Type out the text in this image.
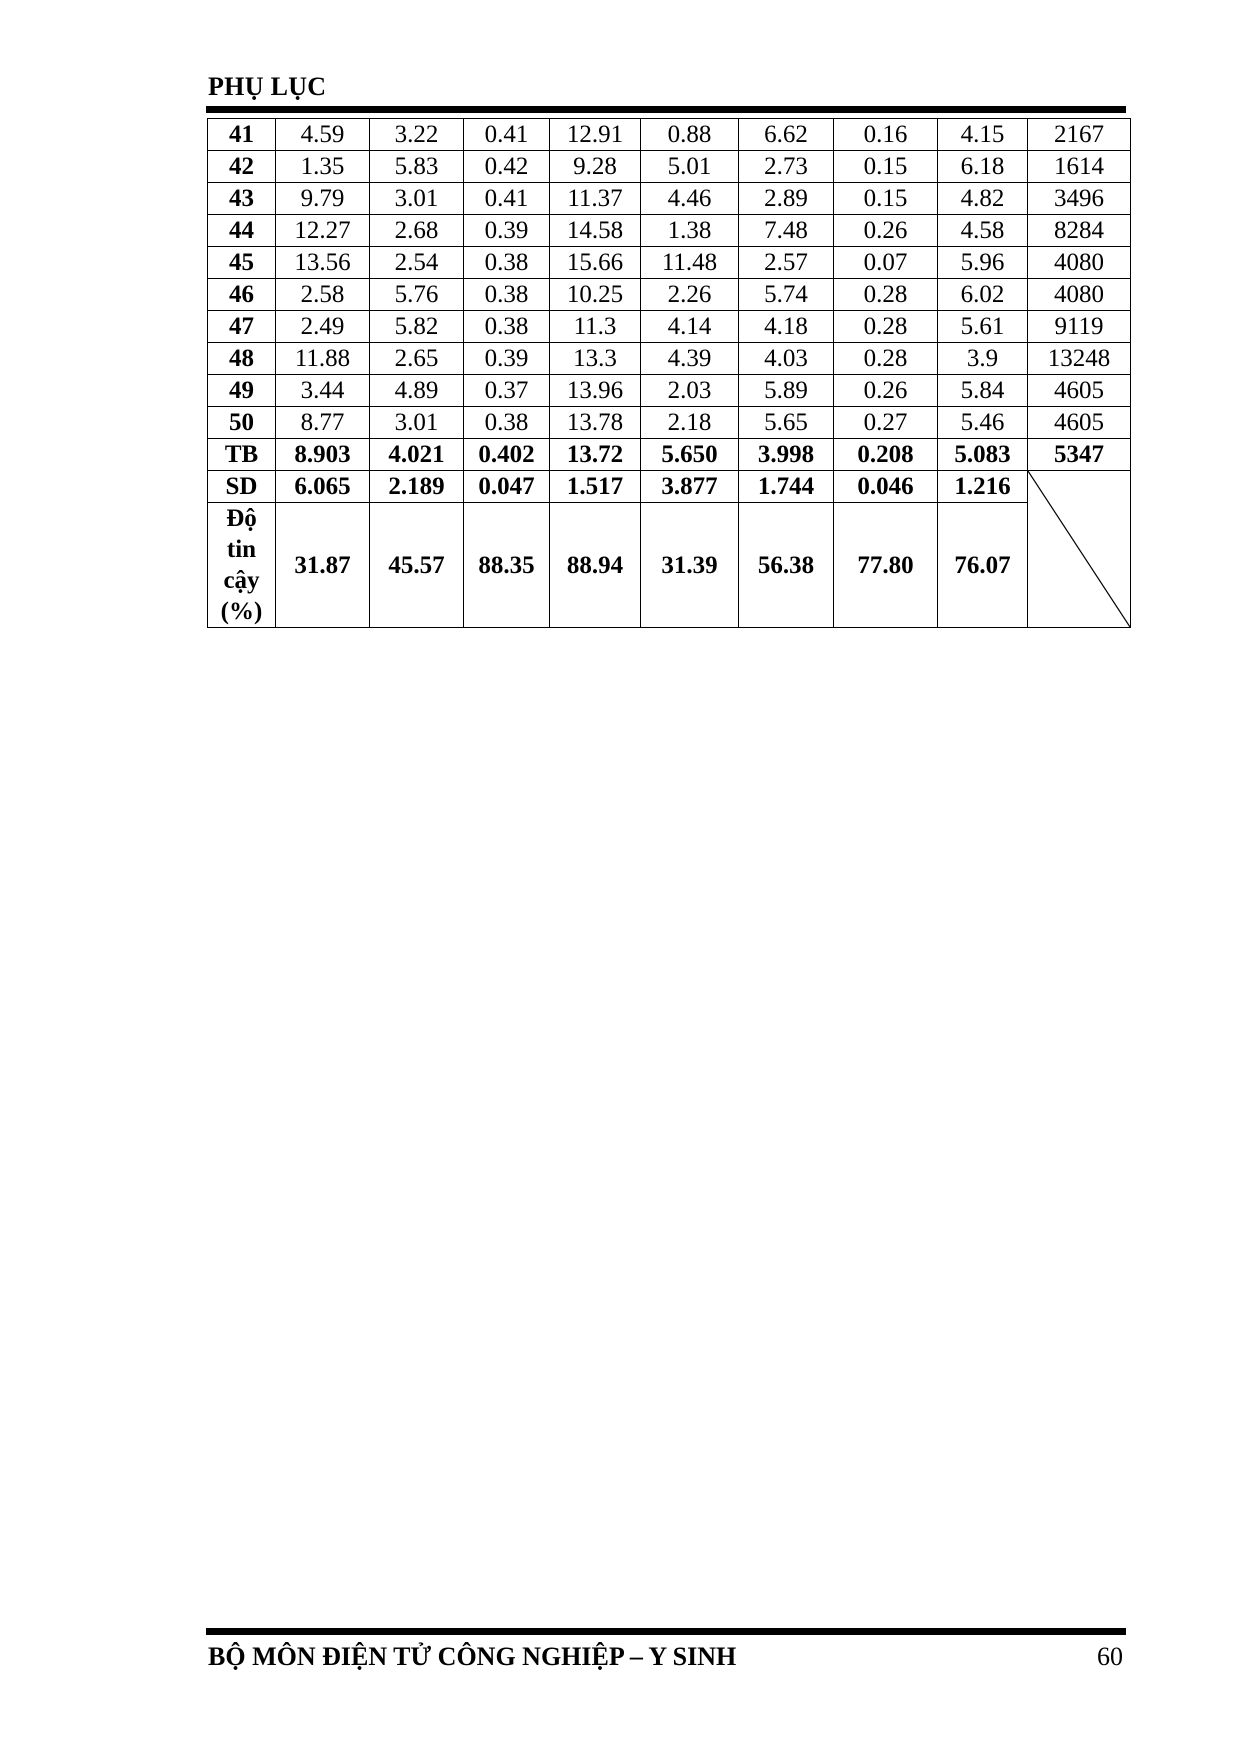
PHỤ LỤC
41	4.59	3.22	0.41	12.91	0.88	6.62	0.16	4.15	2167
42	1.35	5.83	0.42	9.28	5.01	2.73	0.15	6.18	1614
43	9.79	3.01	0.41	11.37	4.46	2.89	0.15	4.82	3496
44	12.27	2.68	0.39	14.58	1.38	7.48	0.26	4.58	8284
45	13.56	2.54	0.38	15.66	11.48	2.57	0.07	5.96	4080
46	2.58	5.76	0.38	10.25	2.26	5.74	0.28	6.02	4080
47	2.49	5.82	0.38	11.3	4.14	4.18	0.28	5.61	9119
48	11.88	2.65	0.39	13.3	4.39	4.03	0.28	3.9	13248
49	3.44	4.89	0.37	13.96	2.03	5.89	0.26	5.84	4605
50	8.77	3.01	0.38	13.78	2.18	5.65	0.27	5.46	4605
TB	8.903	4.021	0.402	13.72	5.650	3.998	0.208	5.083	5347
SD	6.065	2.189	0.047	1.517	3.877	1.744	0.046	1.216	

Độ
tin
cậy
(%)	31.87	45.57	88.35	88.94	31.39	56.38	77.80	76.07	
BỘ MÔN ĐIỆN TỬ CÔNG NGHIỆP – Y SINH	60
